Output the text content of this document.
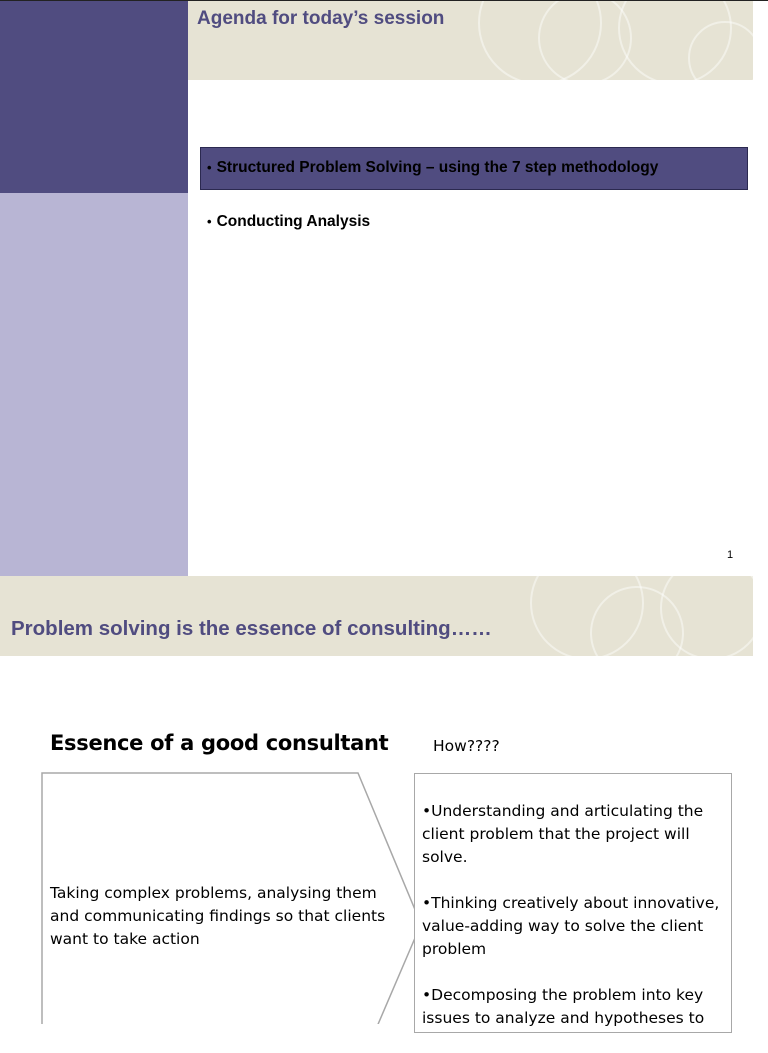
Agenda for today’s session
• Structured Problem Solving – using the 7 step methodology
• Conducting Analysis
1
Problem solving is the essence of consulting……
Essence of a good consultant	How????
Taking complex problems, analysing them and communicating findings so that clients want to take action

•Understanding and articulating the client problem that the project will solve.

•Thinking creatively about innovative, value-adding way to solve the client problem

•Decomposing the problem into key issues to analyze and hypotheses to
